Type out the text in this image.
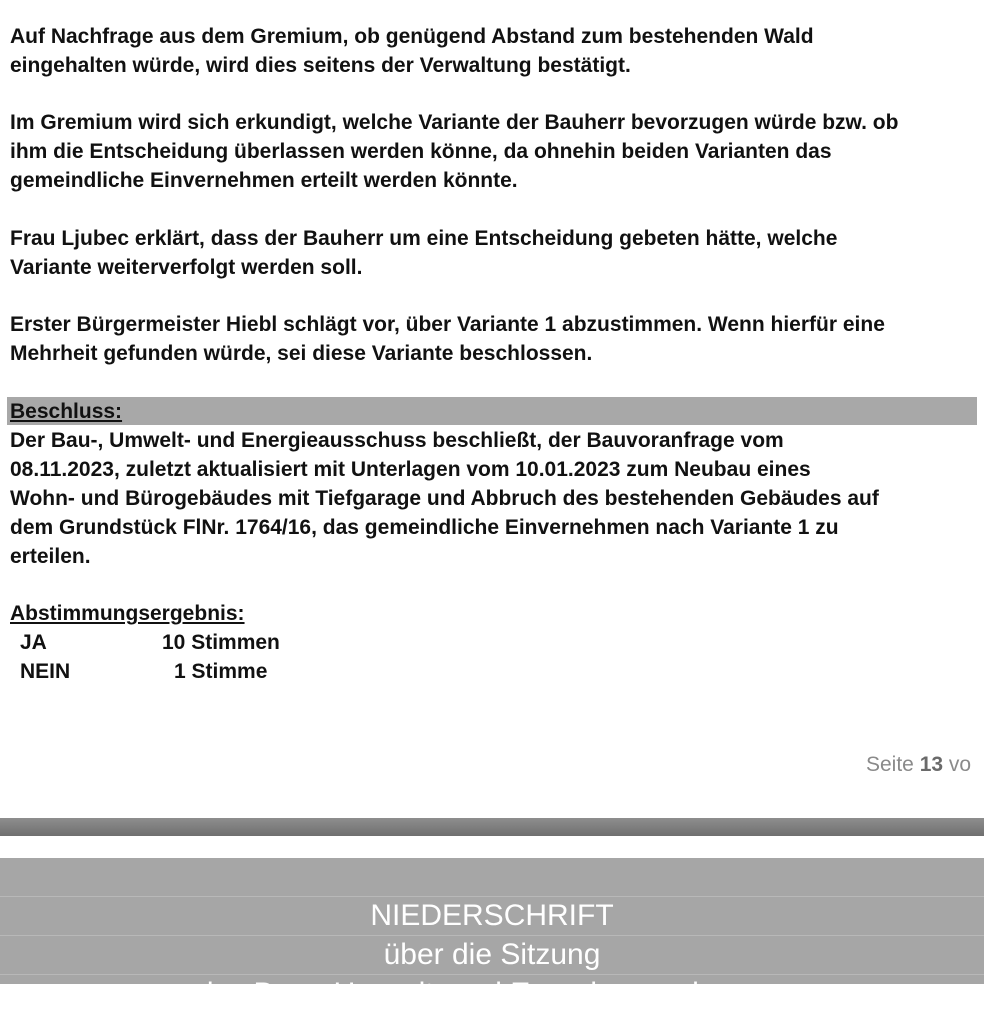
Auf Nachfrage aus dem Gremium, ob genügend Abstand zum bestehenden Wald
eingehalten würde, wird dies seitens der Verwaltung bestätigt.

Im Gremium wird sich erkundigt, welche Variante der Bauherr bevorzugen würde bzw. ob
ihm die Entscheidung überlassen werden könne, da ohnehin beiden Varianten das
gemeindliche Einvernehmen erteilt werden könnte.

Frau Ljubec erklärt, dass der Bauherr um eine Entscheidung gebeten hätte, welche
Variante weiterverfolgt werden soll.

Erster Bürgermeister Hiebl schlägt vor, über Variante 1 abzustimmen. Wenn hierfür eine
Mehrheit gefunden würde, sei diese Variante beschlossen.

Beschluss:

Der Bau-, Umwelt- und Energieausschuss beschließt, der Bauvoranfrage vom
08.11.2023, zuletzt aktualisiert mit Unterlagen vom 10.01.2023 zum Neubau eines
Wohn- und Bürogebäudes mit Tiefgarage und Abbruch des bestehenden Gebäudes auf
dem Grundstück FlNr. 1764/16, das gemeindliche Einvernehmen nach Variante 1 zu
erteilen.

Abstimmungsergebnis:

JA	10 Stimmen
NEIN	1 Stimme
Seite 13 vo
NIEDERSCHRIFT
über die Sitzung
des Bau-, Umwelt- und Energieausschusses
